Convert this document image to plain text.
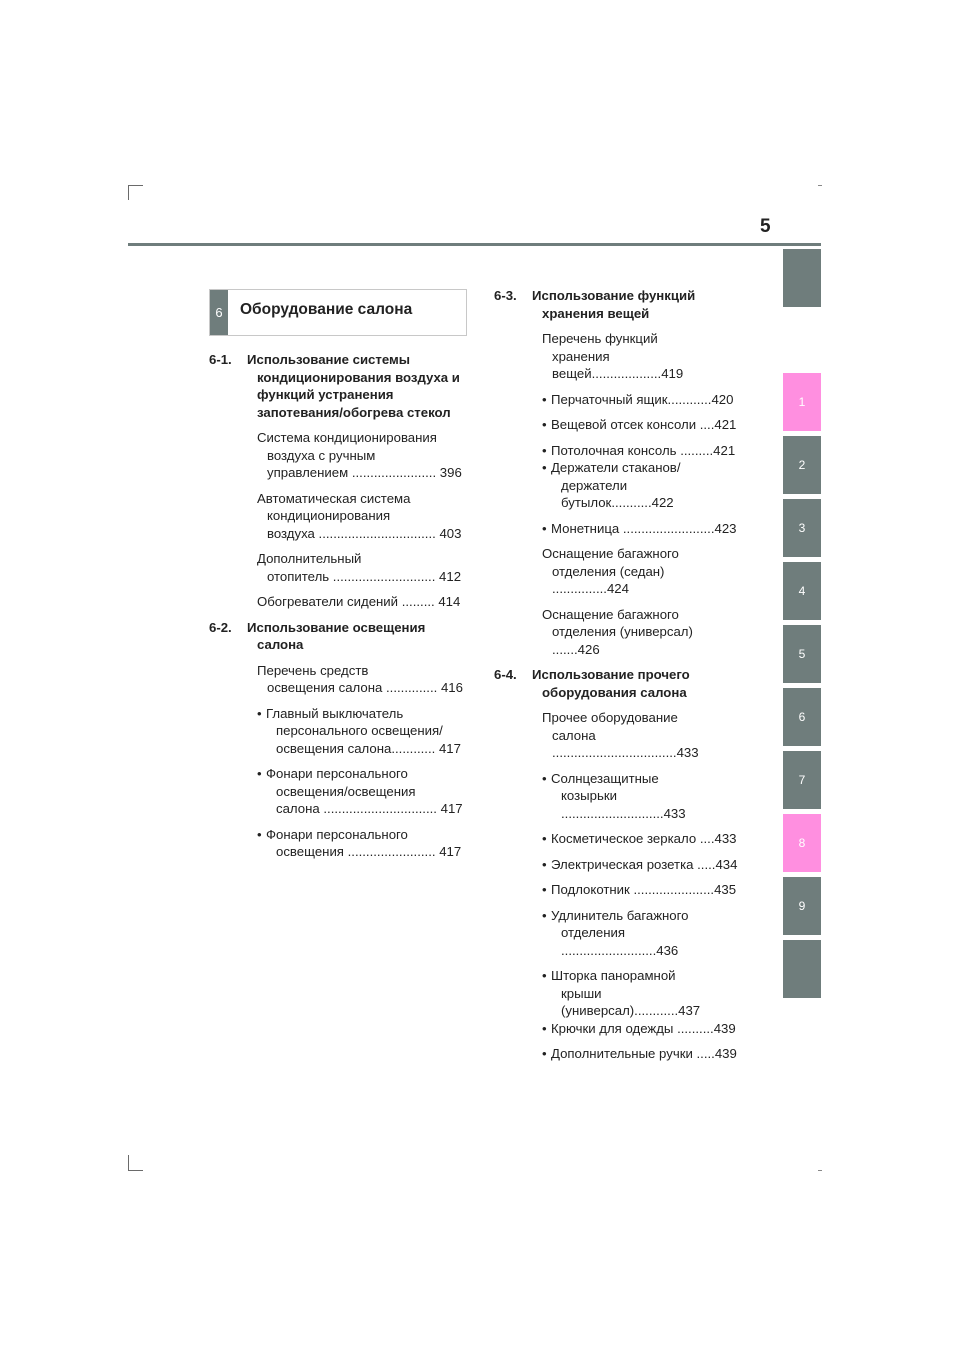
5
6	Оборудование салона
6-1. Использование системы
кондиционирования воздуха и
функций устранения
запотевания/обогрева стекол
Система кондиционирования
воздуха с ручным
управлением ....................... 396
Автоматическая система
кондиционирования
воздуха ................................ 403
Дополнительный
отопитель ............................ 412
Обогреватели сидений ......... 414
6-2. Использование освещения
салона
Перечень средств
освещения салона .............. 416
• Главный выключатель
персонального освещения/
освещения салона............ 417
• Фонари персонального
освещения/освещения
салона ............................... 417
• Фонари персонального
освещения ........................ 417
6-3. Использование функций
хранения вещей
Перечень функций
хранения вещей...................419
• Перчаточный ящик............420
• Вещевой отсек консоли ....421
• Потолочная консоль .........421
• Держатели стаканов/
держатели бутылок...........422
• Монетница .........................423
Оснащение багажного
отделения (седан) ...............424
Оснащение багажного
отделения (универсал) .......426
6-4. Использование прочего
оборудования салона
Прочее оборудование
салона ..................................433
• Солнцезащитные
козырьки ............................433
• Косметическое зеркало ....433
• Электрическая розетка .....434
• Подлокотник ......................435
• Удлинитель багажного
отделения ..........................436
• Шторка панорамной
крыши (универсал)............437
• Крючки для одежды ..........439
• Дополнительные ручки .....439
1
2
3
4
5
6
7
8
9
